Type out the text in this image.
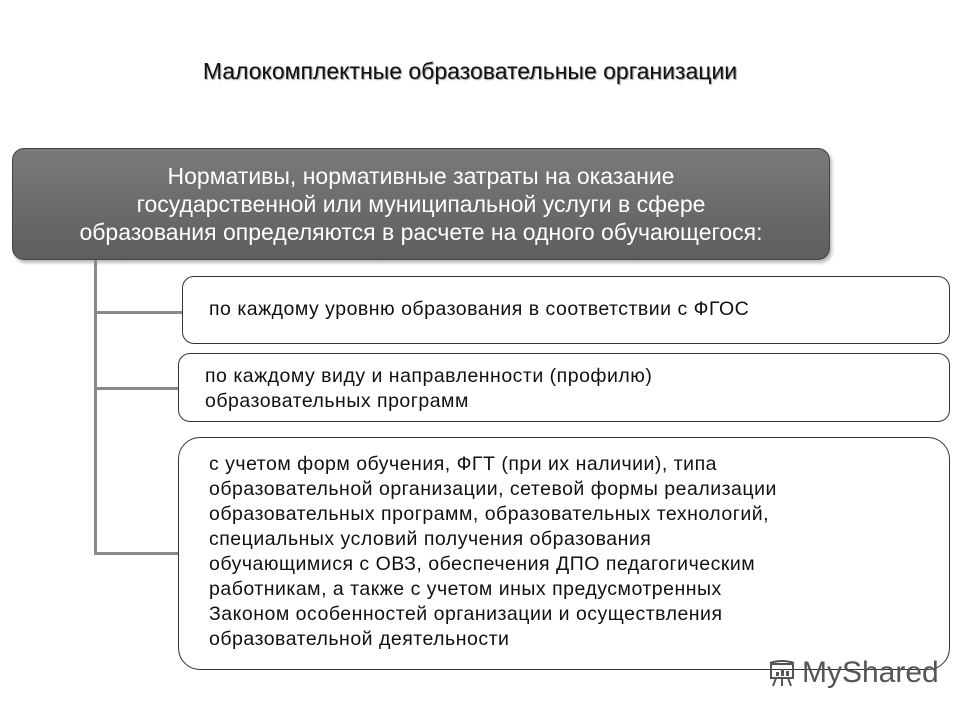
Малокомплектные образовательные организации
Нормативы, нормативные затраты на оказание
государственной или муниципальной услуги в сфере
образования определяются в расчете на одного обучающегося:
по каждому уровню образования в соответствии с ФГОС
по каждому виду и направленности (профилю)
образовательных программ
с учетом форм обучения, ФГТ (при их наличии), типа
образовательной организации, сетевой формы реализации
образовательных программ, образовательных технологий,
специальных условий получения образования
обучающимися с ОВЗ, обеспечения ДПО педагогическим
работникам, а также с учетом иных предусмотренных
Законом особенностей организации и осуществления
образовательной деятельности
MyShared
